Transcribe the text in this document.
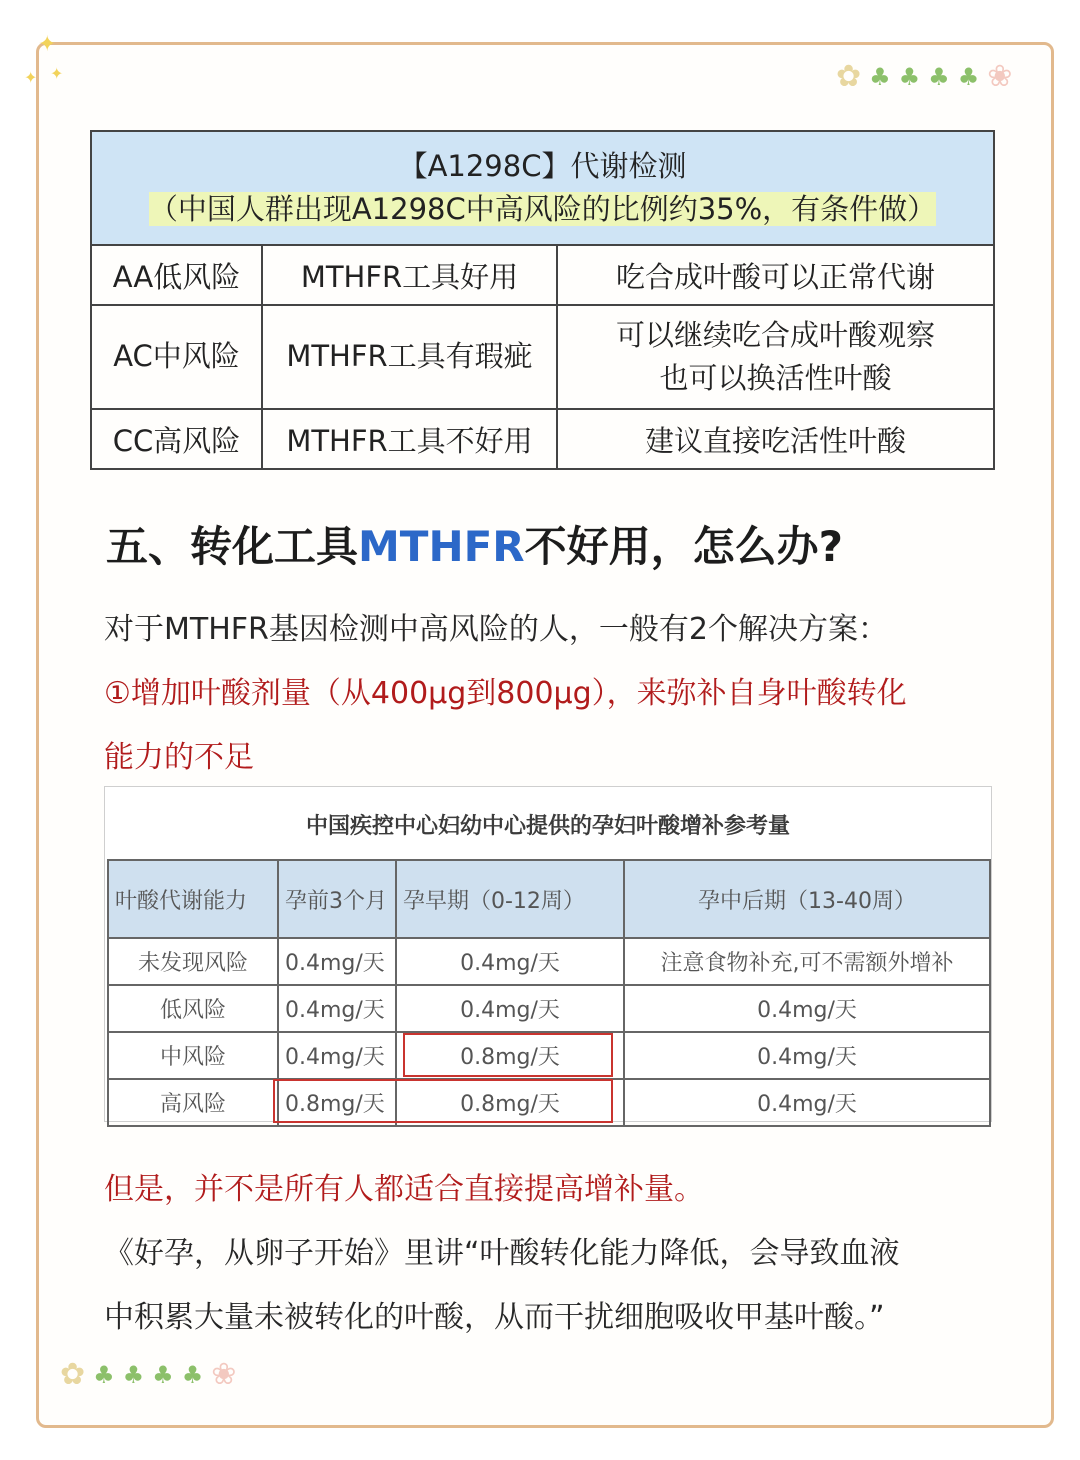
✦
✦ ✦	✿ ♣ ♣ ♣ ♣ ❀
✿ ♣ ♣ ♣ ♣ ❀
【A1298C】代谢检测
（中国人群出现A1298C中高风险的比例约35%，有条件做）		

AA低风险	MTHFR工具好用	吃合成叶酸可以正常代谢
AC中风险	MTHFR工具有瑕疵	可以继续吃合成叶酸观察
也可以换活性叶酸

CC高风险	MTHFR工具不好用	建议直接吃活性叶酸
五、转化工具MTHFR不好用，怎么办?
对于MTHFR基因检测中高风险的人，一般有2个解决方案：
①增加叶酸剂量（从400μg到800μg），来弥补自身叶酸转化
能力的不足
中国疾控中心妇幼中心提供的孕妇叶酸增补参考量
叶酸代谢能力	孕前3个月	孕早期（0-12周）	孕中后期（13-40周）
未发现风险	0.4mg/天	0.4mg/天	注意食物补充,可不需额外增补
低风险	0.4mg/天	0.4mg/天	0.4mg/天
中风险	0.4mg/天	0.8mg/天	0.4mg/天
高风险	0.8mg/天	0.8mg/天	0.4mg/天
但是，并不是所有人都适合直接提高增补量。
《好孕，从卵子开始》里讲“叶酸转化能力降低，会导致血液
中积累大量未被转化的叶酸，从而干扰细胞吸收甲基叶酸。”
